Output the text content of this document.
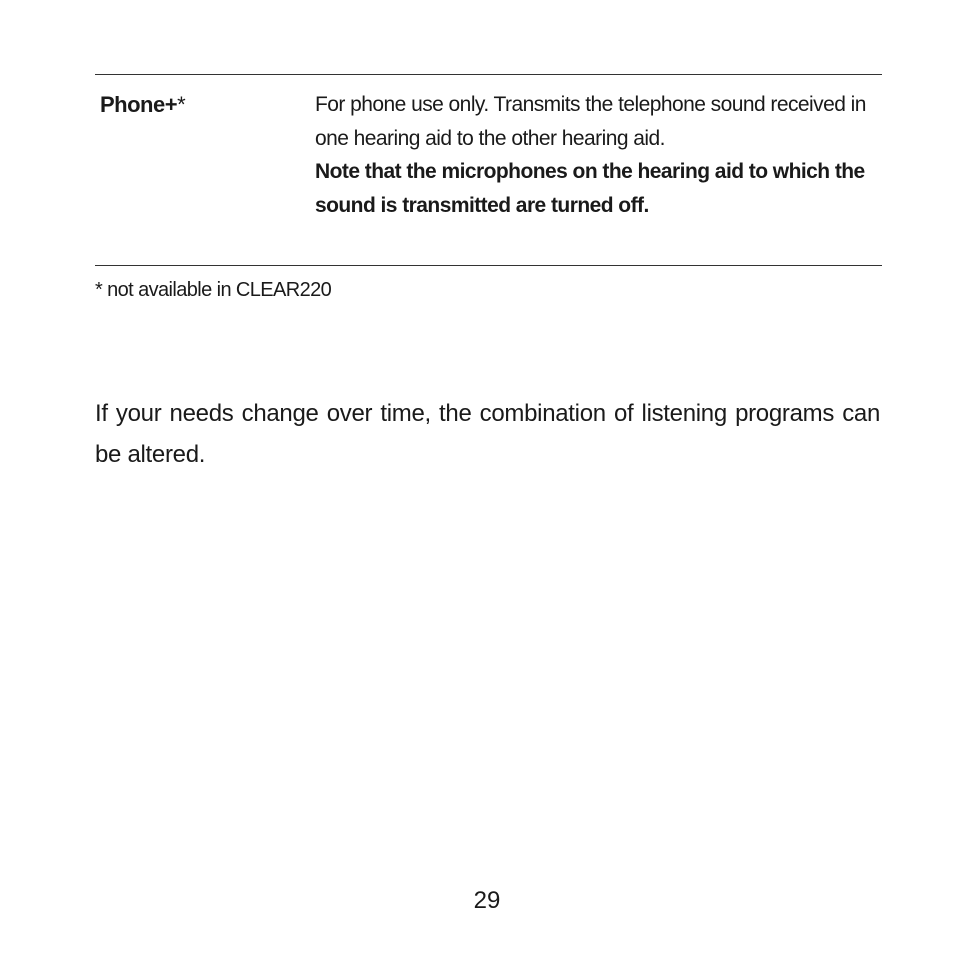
Phone+*	For phone use only. Transmits the telephone sound received in one hearing aid to the other hearing aid.
Note that the microphones on the hearing aid to which the sound is transmitted are turned off.
* not available in CLEAR220
If your needs change over time, the combination of listening programs can be altered.
29
